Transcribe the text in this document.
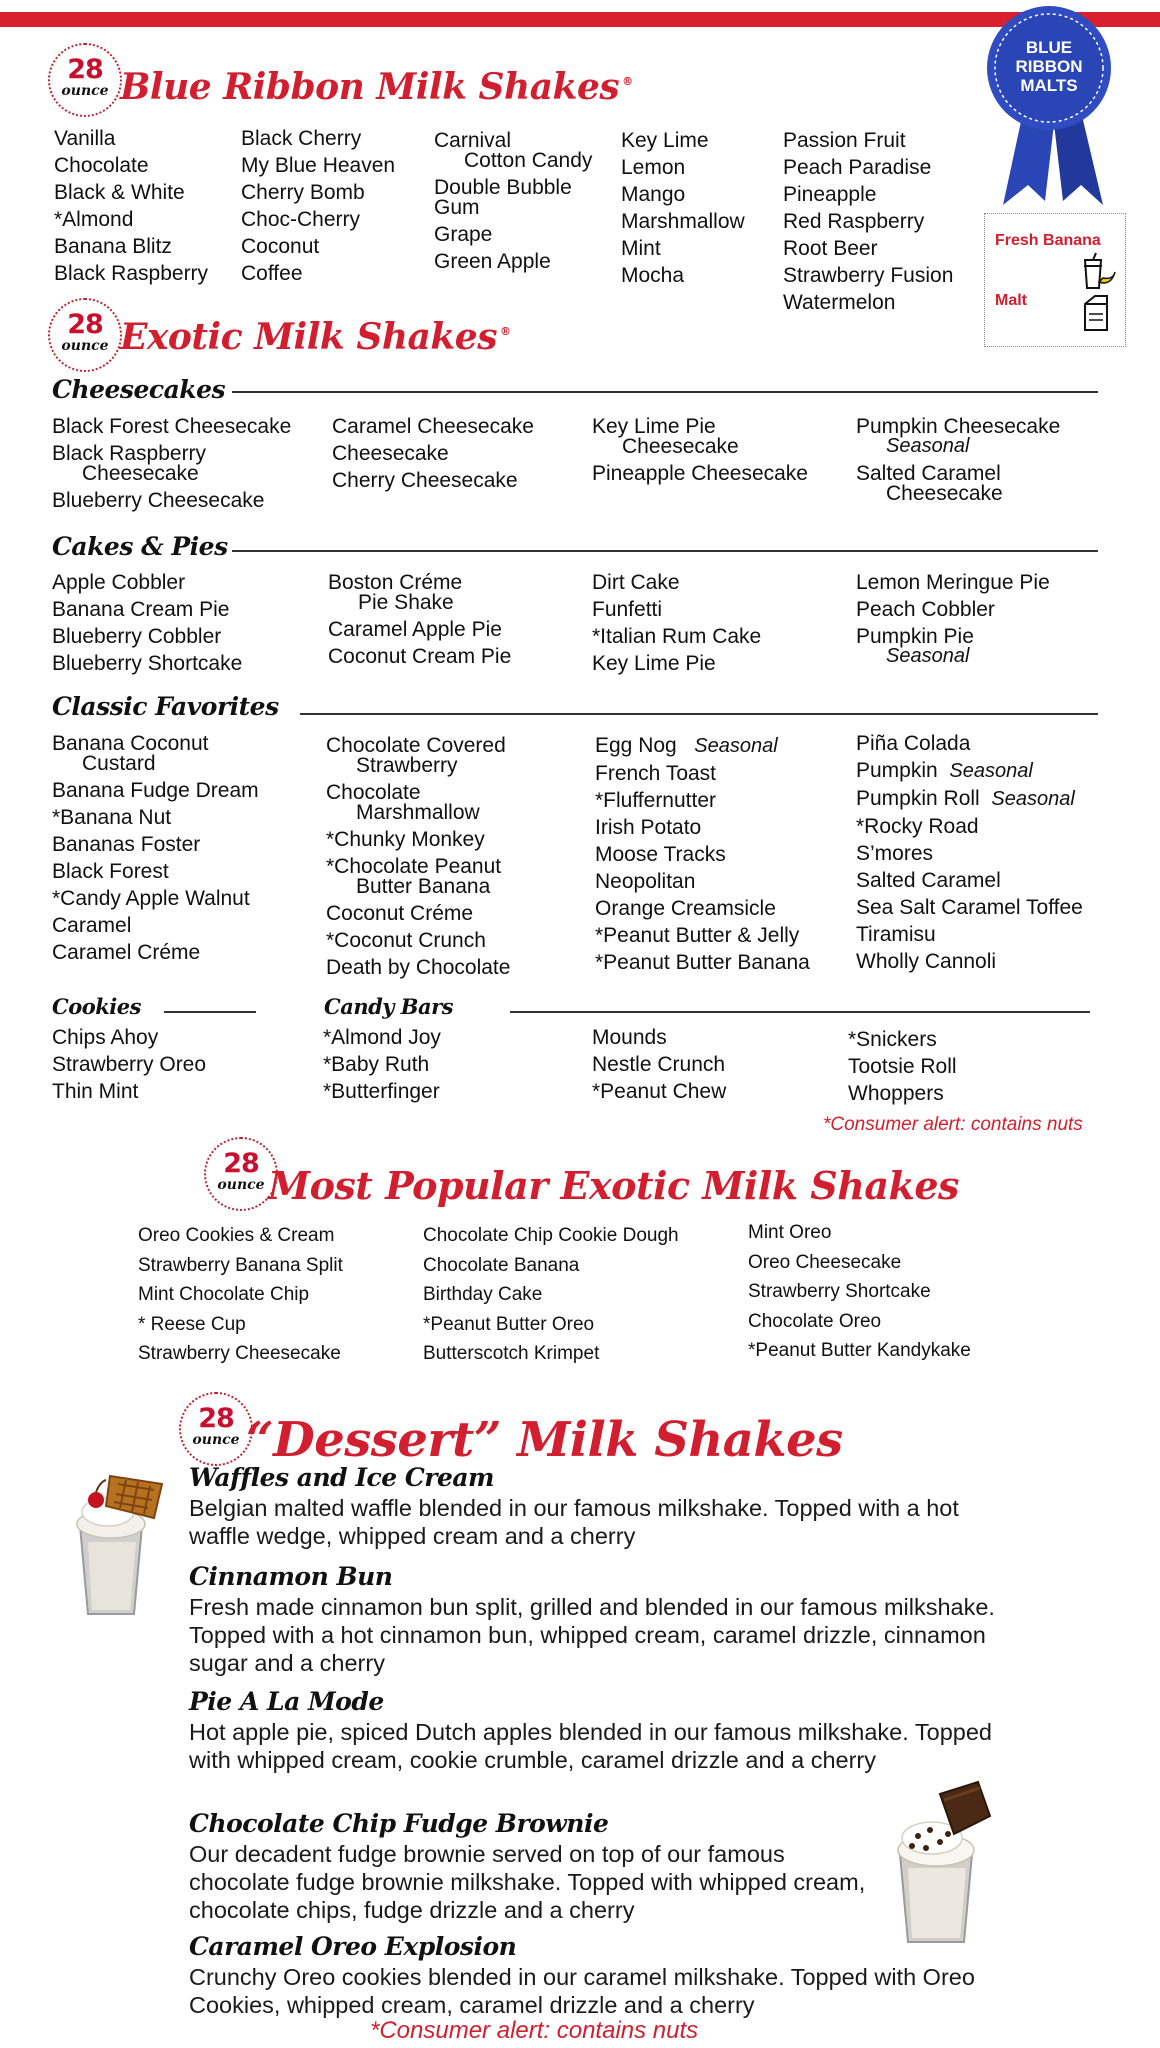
28
ounce Blue Ribbon Milk Shakes ®
Vanilla
Chocolate
Black & White
*Almond
Banana Blitz
Black Raspberry
Black Cherry
My Blue Heaven
Cherry Bomb
Choc-Cherry
Coconut
Coffee
Carnival
Cotton Candy
Double Bubble
Gum
Grape
Green Apple
Key Lime
Lemon
Mango
Marshmallow
Mint
Mocha
Passion Fruit
Peach Paradise
Pineapple
Red Raspberry
Root Beer
Strawberry Fusion
Watermelon
BLUE
RIBBON
MALTS
Fresh Banana
Malt
28
ounce Exotic Milk Shakes ®
Cheesecakes
Black Forest Cheesecake
Black Raspberry
Cheesecake
Blueberry Cheesecake
Caramel Cheesecake
Cheesecake
Cherry Cheesecake
Key Lime Pie
Cheesecake
Pineapple Cheesecake
Pumpkin Cheesecake
Seasonal
Salted Caramel
Cheesecake
Cakes & Pies
Apple Cobbler
Banana Cream Pie
Blueberry Cobbler
Blueberry Shortcake
Boston Créme
Pie Shake
Caramel Apple Pie
Coconut Cream Pie
Dirt Cake
Funfetti
*Italian Rum Cake
Key Lime Pie
Lemon Meringue Pie
Peach Cobbler
Pumpkin Pie
Seasonal
Classic Favorites
Banana Coconut
Custard
Banana Fudge Dream
*Banana Nut
Bananas Foster
Black Forest
*Candy Apple Walnut
Caramel
Caramel Créme
Chocolate Covered
Strawberry
Chocolate
Marshmallow
*Chunky Monkey
*Chocolate Peanut
Butter Banana
Coconut Créme
*Coconut Crunch
Death by Chocolate
Egg Nog Seasonal
French Toast
*Fluffernutter
Irish Potato
Moose Tracks
Neopolitan
Orange Creamsicle
*Peanut Butter & Jelly
*Peanut Butter Banana
Piña Colada
Pumpkin Seasonal
Pumpkin Roll Seasonal
*Rocky Road
S’mores
Salted Caramel
Sea Salt Caramel Toffee
Tiramisu
Wholly Cannoli
Cookies
Chips Ahoy
Strawberry Oreo
Thin Mint
Candy Bars
*Almond Joy
*Baby Ruth
*Butterfinger
Mounds
Nestle Crunch
*Peanut Chew
*Snickers
Tootsie Roll
Whoppers
*Consumer alert: contains nuts
28
ounce Most Popular Exotic Milk Shakes
Oreo Cookies & Cream
Strawberry Banana Split
Mint Chocolate Chip
* Reese Cup
Strawberry Cheesecake
Chocolate Chip Cookie Dough
Chocolate Banana
Birthday Cake
*Peanut Butter Oreo
Butterscotch Krimpet
Mint Oreo
Oreo Cheesecake
Strawberry Shortcake
Chocolate Oreo
*Peanut Butter Kandykake
28
ounce “Dessert” Milk Shakes
Waffles and Ice Cream
Belgian malted waffle blended in our famous milkshake. Topped with a hot waffle wedge, whipped cream and a cherry
Cinnamon Bun
Fresh made cinnamon bun split, grilled and blended in our famous milkshake. Topped with a hot cinnamon bun, whipped cream, caramel drizzle, cinnamon sugar and a cherry
Pie A La Mode
Hot apple pie, spiced Dutch apples blended in our famous milkshake. Topped with whipped cream, cookie crumble, caramel drizzle and a cherry
Chocolate Chip Fudge Brownie
Our decadent fudge brownie served on top of our famous chocolate fudge brownie milkshake. Topped with whipped cream, chocolate chips, fudge drizzle and a cherry
Caramel Oreo Explosion
Crunchy Oreo cookies blended in our caramel milkshake. Topped with Oreo Cookies, whipped cream, caramel drizzle and a cherry
*Consumer alert: contains nuts
